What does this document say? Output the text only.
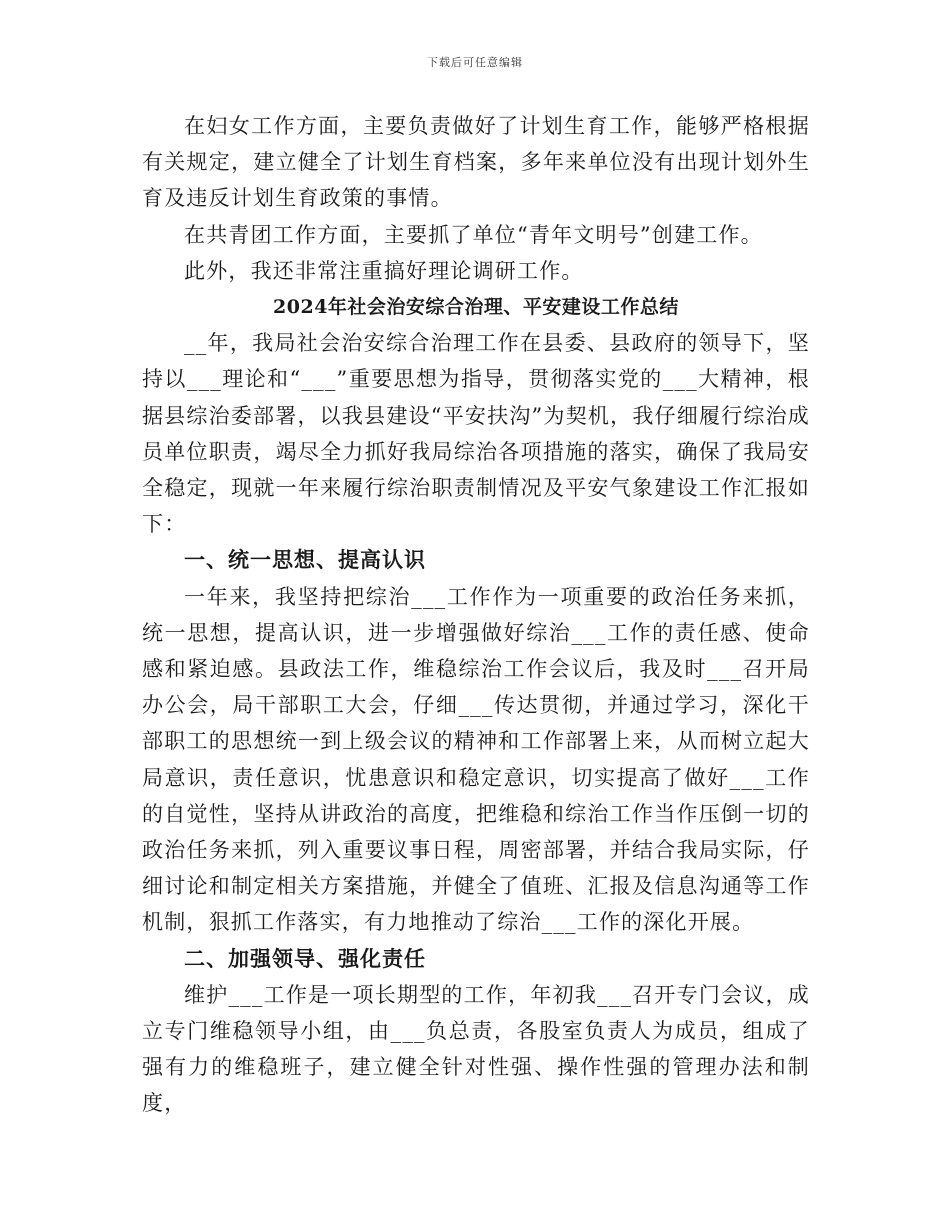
下载后可任意编辑

在妇女工作方面，主要负责做好了计划生育工作，能够严格根据有关规定，建立健全了计划生育档案，多年来单位没有出现计划外生育及违反计划生育政策的事情。

在共青团工作方面，主要抓了单位“青年文明号”创建工作。

此外，我还非常注重搞好理论调研工作。

2024年社会治安综合治理、平安建设工作总结

__年，我局社会治安综合治理工作在县委、县政府的领导下，坚持以___理论和“___”重要思想为指导，贯彻落实党的___大精神，根据县综治委部署，以我县建设“平安扶沟”为契机，我仔细履行综治成员单位职责，竭尽全力抓好我局综治各项措施的落实，确保了我局安全稳定，现就一年来履行综治职责制情况及平安气象建设工作汇报如下：

一、统一思想、提高认识

一年来，我坚持把综治___工作作为一项重要的政治任务来抓，统一思想，提高认识，进一步增强做好综治___工作的责任感、使命感和紧迫感。县政法工作，维稳综治工作会议后，我及时___召开局办公会，局干部职工大会，仔细___传达贯彻，并通过学习，深化干部职工的思想统一到上级会议的精神和工作部署上来，从而树立起大局意识，责任意识，忧患意识和稳定意识，切实提高了做好___工作的自觉性，坚持从讲政治的高度，把维稳和综治工作当作压倒一切的政治任务来抓，列入重要议事日程，周密部署，并结合我局实际，仔细讨论和制定相关方案措施，并健全了值班、汇报及信息沟通等工作机制，狠抓工作落实，有力地推动了综治___工作的深化开展。

二、加强领导、强化责任

维护___工作是一项长期型的工作，年初我___召开专门会议，成立专门维稳领导小组，由___负总责，各股室负责人为成员，组成了强有力的维稳班子，建立健全针对性强、操作性强的管理办法和制度，
